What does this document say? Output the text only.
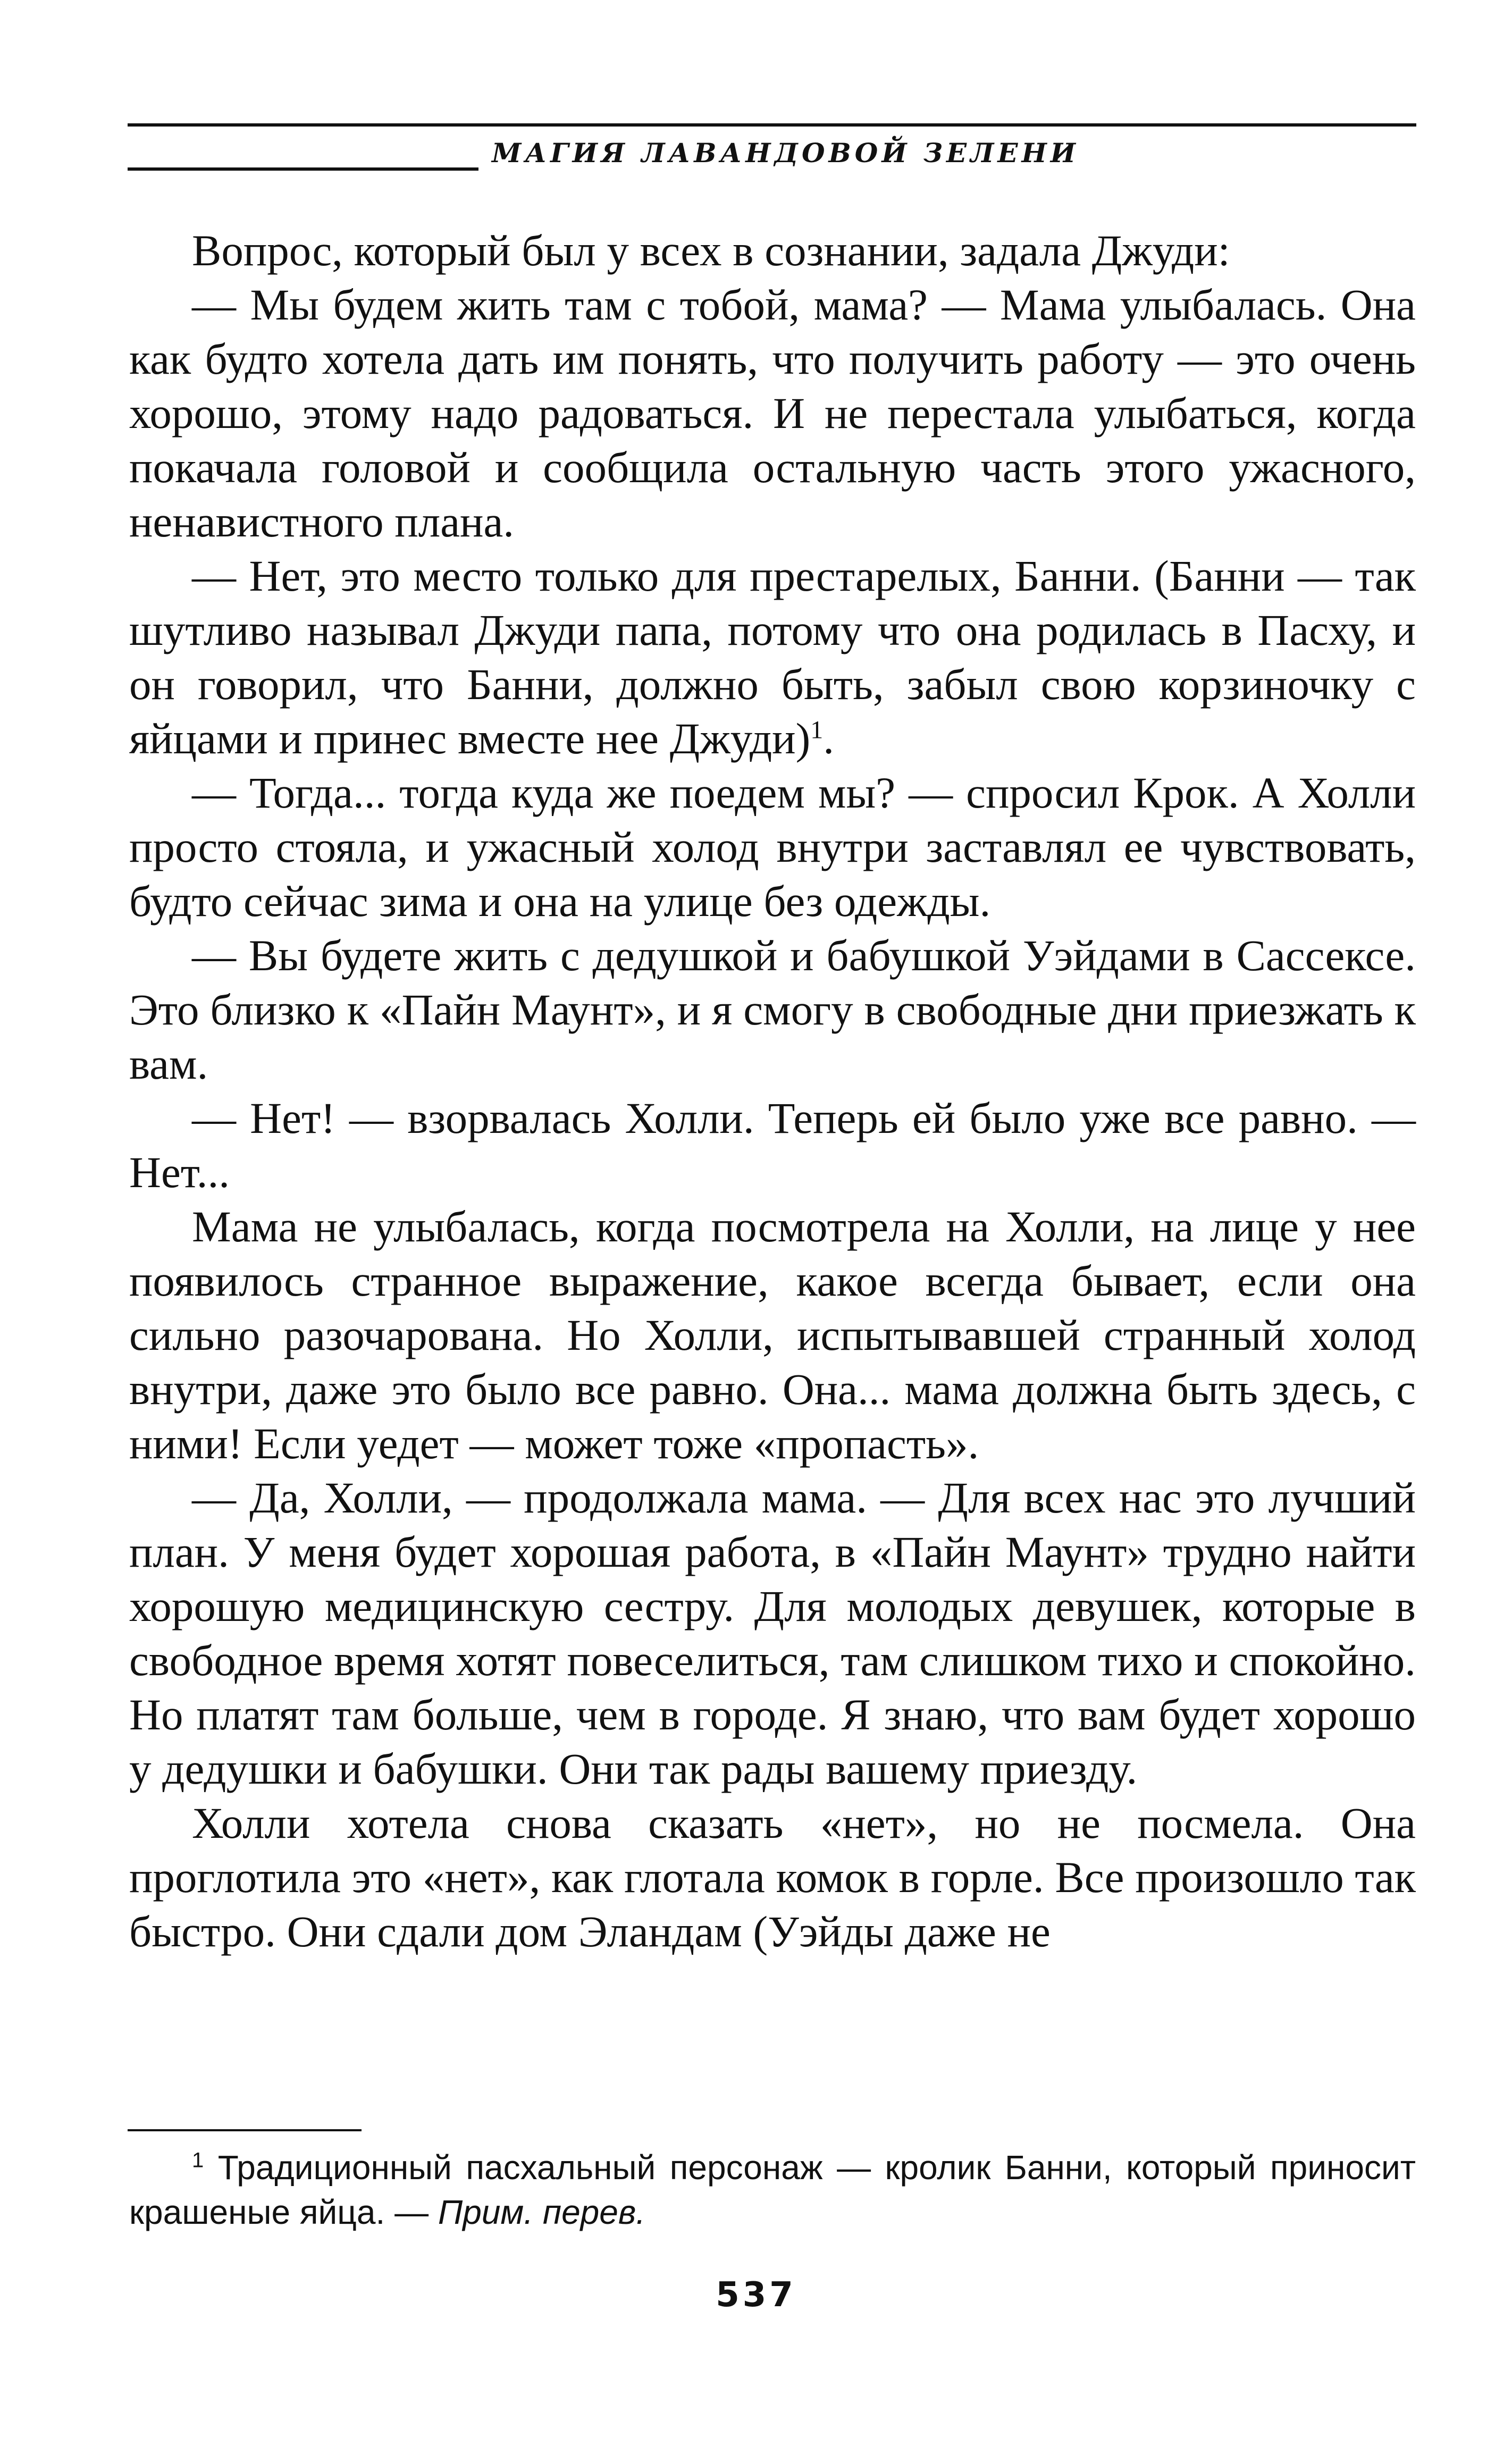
МАГИЯ ЛАВАНДОВОЙ ЗЕЛЕНИ

Вопрос, который был у всех в сознании, задала Джуди:

— Мы будем жить там с тобой, мама? — Мама улыбалась. Она как будто хотела дать им понять, что получить работу — это очень хорошо, этому надо радоваться. И не перестала улыбаться, когда покачала головой и сообщила остальную часть этого ужасного, ненавистного плана.

— Нет, это место только для престарелых, Банни. (Банни — так шутливо называл Джуди папа, потому что она родилась в Пасху, и он говорил, что Банни, должно быть, забыл свою корзиночку с яйцами и принес вместе нее Джуди)$^1$.

— Тогда... тогда куда же поедем мы? — спросил Крок. А Холли просто стояла, и ужасный холод внутри заставлял ее чувствовать, будто сейчас зима и она на улице без одежды.

— Вы будете жить с дедушкой и бабушкой Уэйдами в Сассексе. Это близко к «Пайн Маунт», и я смогу в свободные дни приезжать к вам.

— Нет! — взорвалась Холли. Теперь ей было уже все равно. — Нет...

Мама не улыбалась, когда посмотрела на Холли, на лице у нее появилось странное выражение, какое всегда бывает, если она сильно разочарована. Но Холли, испытывавшей странный холод внутри, даже это было все равно. Она... мама должна быть здесь, с ними! Если уедет — может тоже «пропасть».

— Да, Холли, — продолжала мама. — Для всех нас это лучший план. У меня будет хорошая работа, в «Пайн Маунт» трудно найти хорошую медицинскую сестру. Для молодых девушек, которые в свободное время хотят повеселиться, там слишком тихо и спокойно. Но платят там больше, чем в городе. Я знаю, что вам будет хорошо у дедушки и бабушки. Они так рады вашему приезду.

Холли хотела снова сказать «нет», но не посмела. Она проглотила это «нет», как глотала комок в горле. Все произошло так быстро. Они сдали дом Эландам (Уэйды даже не

$^1$ Традиционный пасхальный персонаж — кролик Банни, который приносит крашеные яйца. — Прим. перев.
537
